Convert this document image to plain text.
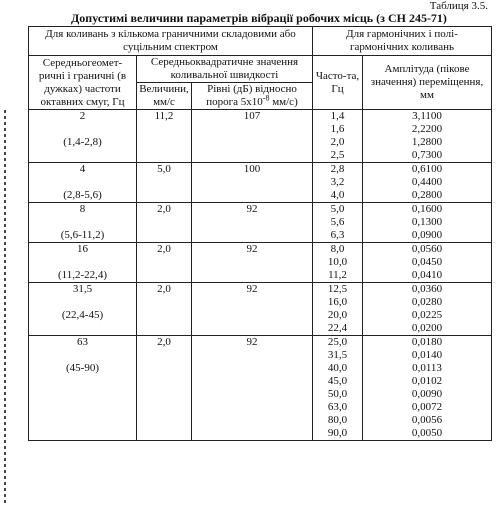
Таблиця 3.5.
Допустимі величини параметрів вібрації робочих місць (з СН 245-71)
Для коливань з кількома граничними складовими або суцільним спектром			Для гармонічних і полі-гармонічних коливань	
Середньогеомет-ричні і граничні (в дужках) частоти октавних смуг, Гц	Середньоквадратичне значення коливальної швидкості		Часто-та, Гц	Амплітуда (пікове значення) переміщення, мм
	Величини, мм/с	Рівні (дБ) відносно порога $5x10^{-8}$ мм/с)		
2	11,2	107	1,4	3,1100
			1,6	2,2200
(1,4-2,8)			2,0	1,2800
			2,5	0,7300
4	5,0	100	2,8	0,6100
			3,2	0,4400
(2,8-5,6)			4,0	0,2800
8	2,0	92	5,0	0,1600
			5,6	0,1300
(5,6-11,2)			6,3	0,0900
16	2,0	92	8,0	0,0560
			10,0	0,0450
(11,2-22,4)			11,2	0,0410
31,5	2,0	92	12,5	0,0360
			16,0	0,0280
(22,4-45)			20,0	0,0225
			22,4	0,0200
63	2,0	92	25,0	0,0180
			31,5	0,0140
(45-90)			40,0	0,0113
			45,0	0,0102
			50,0	0,0090
			63,0	0,0072
			80,0	0,0056
			90,0	0,0050
